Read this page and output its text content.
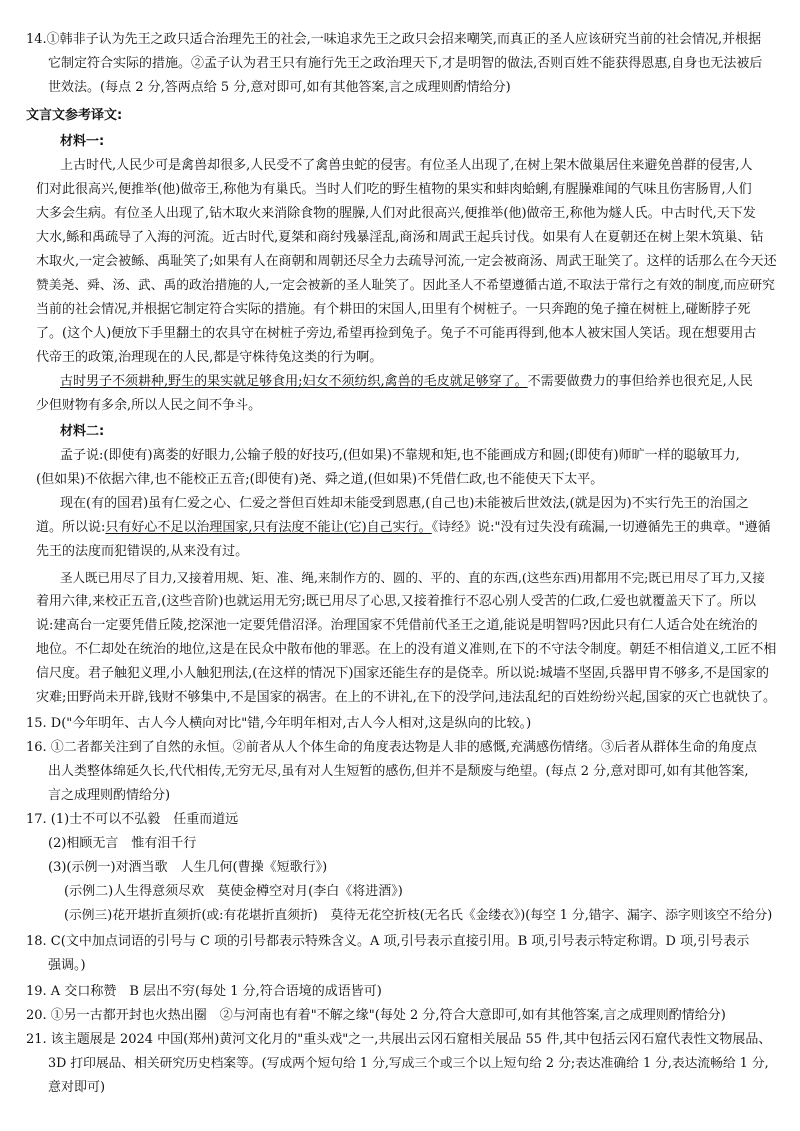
14.①韩非子认为先王之政只适合治理先王的社会,一味追求先王之政只会招来嘲笑,而真正的圣人应该研究当前的社会情况,并根据

它制定符合实际的措施。②孟子认为君王只有施行先王之政治理天下,才是明智的做法,否则百姓不能获得恩惠,自身也无法被后

世效法。(每点 2 分,答两点给 5 分,意对即可,如有其他答案,言之成理则酌情给分)

文言文参考译文:

材料一:

上古时代,人民少可是禽兽却很多,人民受不了禽兽虫蛇的侵害。有位圣人出现了,在树上架木做巢居住来避免兽群的侵害,人

们对此很高兴,便推举(他)做帝王,称他为有巢氏。当时人们吃的野生植物的果实和蚌肉蛤蜊,有腥臊难闻的气味且伤害肠胃,人们

大多会生病。有位圣人出现了,钻木取火来消除食物的腥臊,人们对此很高兴,便推举(他)做帝王,称他为燧人氏。中古时代,天下发

大水,鲧和禹疏导了入海的河流。近古时代,夏桀和商纣残暴淫乱,商汤和周武王起兵讨伐。如果有人在夏朝还在树上架木筑巢、钻

木取火,一定会被鲧、禹耻笑了;如果有人在商朝和周朝还尽全力去疏导河流,一定会被商汤、周武王耻笑了。这样的话那么在今天还

赞美尧、舜、汤、武、禹的政治措施的人,一定会被新的圣人耻笑了。因此圣人不希望遵循古道,不取法于常行之有效的制度,而应研究

当前的社会情况,并根据它制定符合实际的措施。有个耕田的宋国人,田里有个树桩子。一只奔跑的兔子撞在树桩上,碰断脖子死

了。(这个人)便放下手里翻土的农具守在树桩子旁边,希望再捡到兔子。兔子不可能再得到,他本人被宋国人笑话。现在想要用古

代帝王的政策,治理现在的人民,都是守株待兔这类的行为啊。

古时男子不须耕种,野生的果实就足够食用;妇女不须纺织,禽兽的毛皮就足够穿了。不需要做费力的事但给养也很充足,人民

少但财物有多余,所以人民之间不争斗。

材料二:

孟子说:(即使有)离娄的好眼力,公输子般的好技巧,(但如果)不靠规和矩,也不能画成方和圆;(即使有)师旷一样的聪敏耳力,

(但如果)不依据六律,也不能校正五音;(即使有)尧、舜之道,(但如果)不凭借仁政,也不能使天下太平。

现在(有的国君)虽有仁爱之心、仁爱之誉但百姓却未能受到恩惠,(自己也)未能被后世效法,(就是因为)不实行先王的治国之

道。所以说:只有好心不足以治理国家,只有法度不能让(它)自己实行。《诗经》说:"没有过失没有疏漏,一切遵循先王的典章。"遵循

先王的法度而犯错误的,从来没有过。

圣人既已用尽了目力,又接着用规、矩、准、绳,来制作方的、圆的、平的、直的东西,(这些东西)用都用不完;既已用尽了耳力,又接

着用六律,来校正五音,(这些音阶)也就运用无穷;既已用尽了心思,又接着推行不忍心别人受苦的仁政,仁爱也就覆盖天下了。所以

说:建高台一定要凭借丘陵,挖深池一定要凭借沼泽。治理国家不凭借前代圣王之道,能说是明智吗?因此只有仁人适合处在统治的

地位。不仁却处在统治的地位,这是在民众中散布他的罪恶。在上的没有道义准则,在下的不守法令制度。朝廷不相信道义,工匠不相

信尺度。君子触犯义理,小人触犯刑法,(在这样的情况下)国家还能生存的是侥幸。所以说:城墙不坚固,兵器甲胄不够多,不是国家的

灾难;田野尚未开辟,钱财不够集中,不是国家的祸害。在上的不讲礼,在下的没学问,违法乱纪的百姓纷纷兴起,国家的灭亡也就快了。

15. D("今年明年、古人今人横向对比"错,今年明年相对,古人今人相对,这是纵向的比较。)

16. ①二者都关注到了自然的永恒。②前者从人个体生命的角度表达物是人非的感慨,充满感伤情绪。③后者从群体生命的角度点

出人类整体绵延久长,代代相传,无穷无尽,虽有对人生短暂的感伤,但并不是颓废与绝望。(每点 2 分,意对即可,如有其他答案,

言之成理则酌情给分)

17. (1)士不可以不弘毅　任重而道远

(2)相顾无言　惟有泪千行

(3)(示例一)对酒当歌　人生几何(曹操《短歌行》)

(示例二)人生得意须尽欢　莫使金樽空对月(李白《将进酒》)

(示例三)花开堪折直须折(或:有花堪折直须折)　莫待无花空折枝(无名氏《金缕衣》)(每空 1 分,错字、漏字、添字则该空不给分)

18. C(文中加点词语的引号与 C 项的引号都表示特殊含义。A 项,引号表示直接引用。B 项,引号表示特定称谓。D 项,引号表示

强调。)

19. A 交口称赞　B 层出不穷(每处 1 分,符合语境的成语皆可)

20. ①另一古都开封也火热出圈　②与河南也有着"不解之缘"(每处 2 分,符合大意即可,如有其他答案,言之成理则酌情给分)

21. 该主题展是 2024 中国(郑州)黄河文化月的"重头戏"之一,共展出云冈石窟相关展品 55 件,其中包括云冈石窟代表性文物展品、

3D 打印展品、相关研究历史档案等。(写成两个短句给 1 分,写成三个或三个以上短句给 2 分;表达准确给 1 分,表达流畅给 1 分,

意对即可)
